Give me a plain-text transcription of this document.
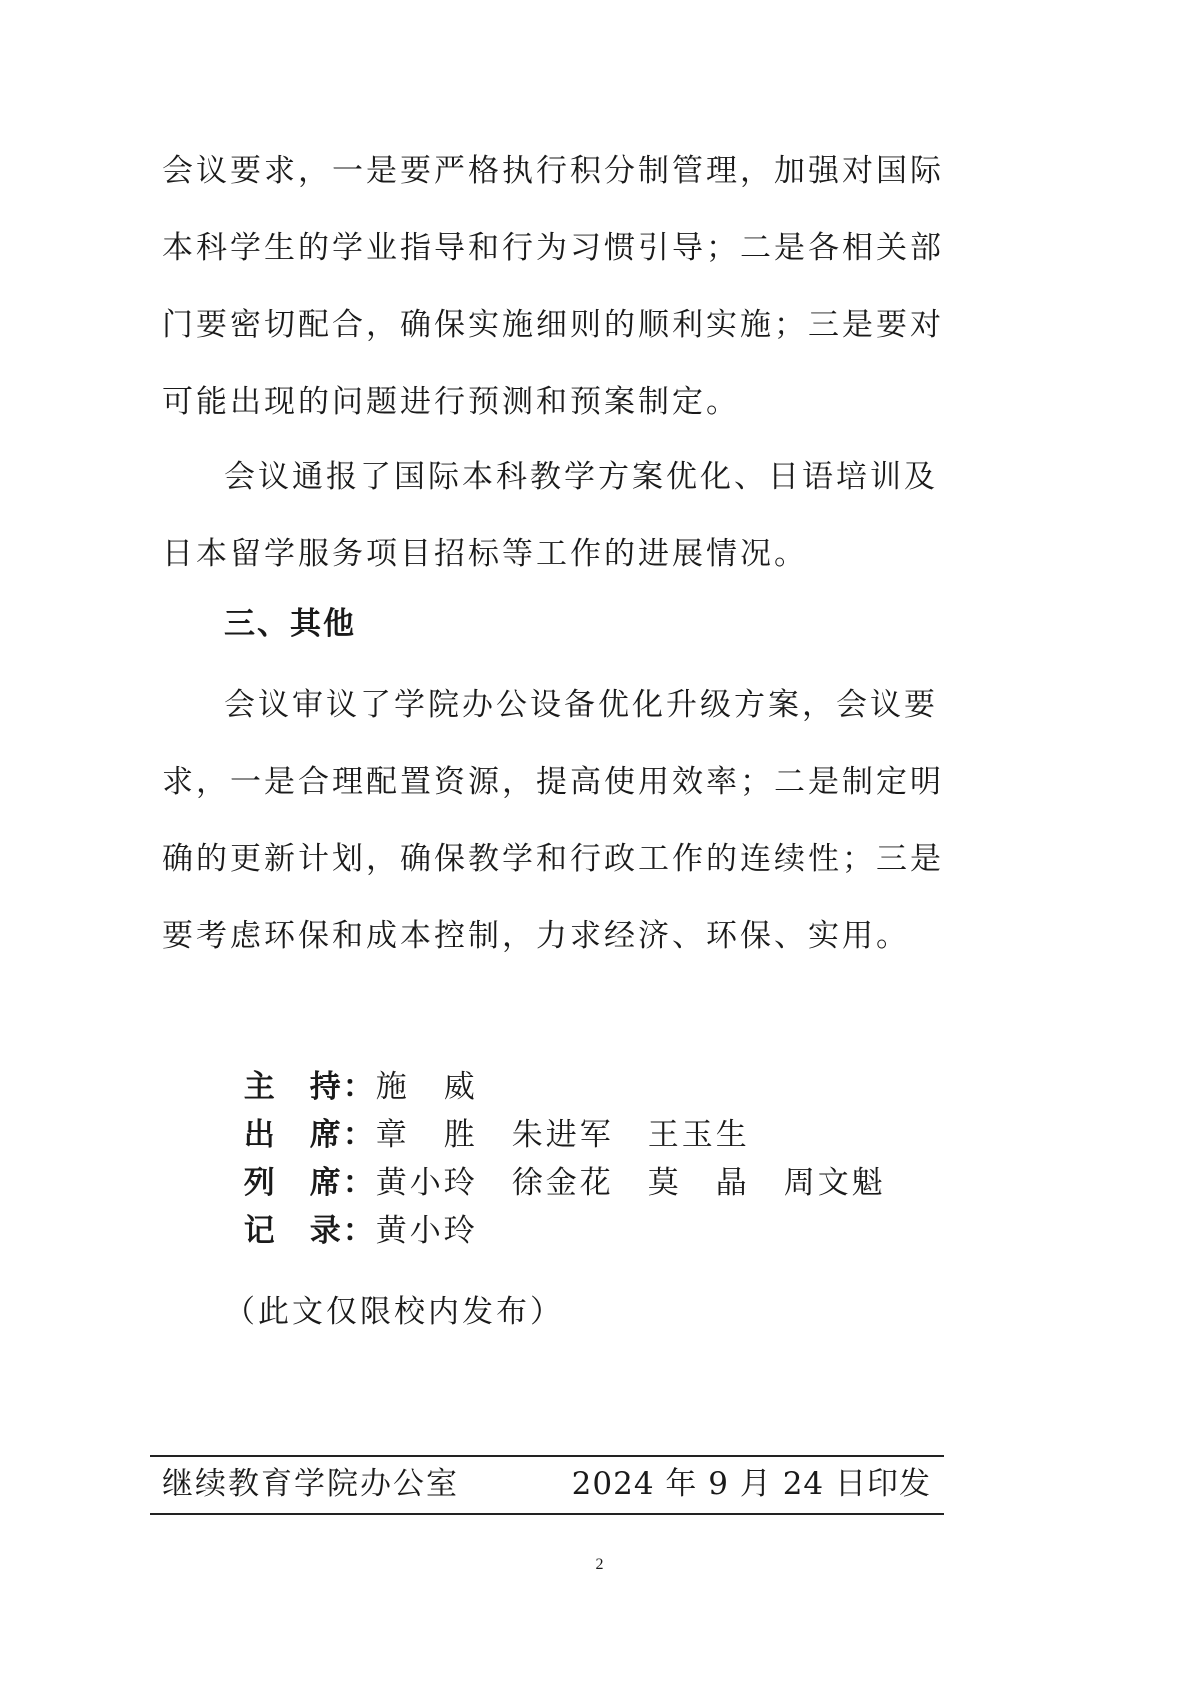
会议要求，一是要严格执行积分制管理，加强对国际本科学生的学业指导和行为习惯引导；二是各相关部门要密切配合，确保实施细则的顺利实施；三是要对可能出现的问题进行预测和预案制定。

会议通报了国际本科教学方案优化、日语培训及日本留学服务项目招标等工作的进展情况。

三、其他

会议审议了学院办公设备优化升级方案，会议要求，一是合理配置资源，提高使用效率；二是制定明确的更新计划，确保教学和行政工作的连续性；三是要考虑环保和成本控制，力求经济、环保、实用。

主　持：施　威

出　席：章　胜　朱进军　王玉生

列　席：黄小玲　徐金花　莫　晶　周文魁

记　录：黄小玲

（此文仅限校内发布）
继续教育学院办公室	2024 年 9 月 24 日印发
2
